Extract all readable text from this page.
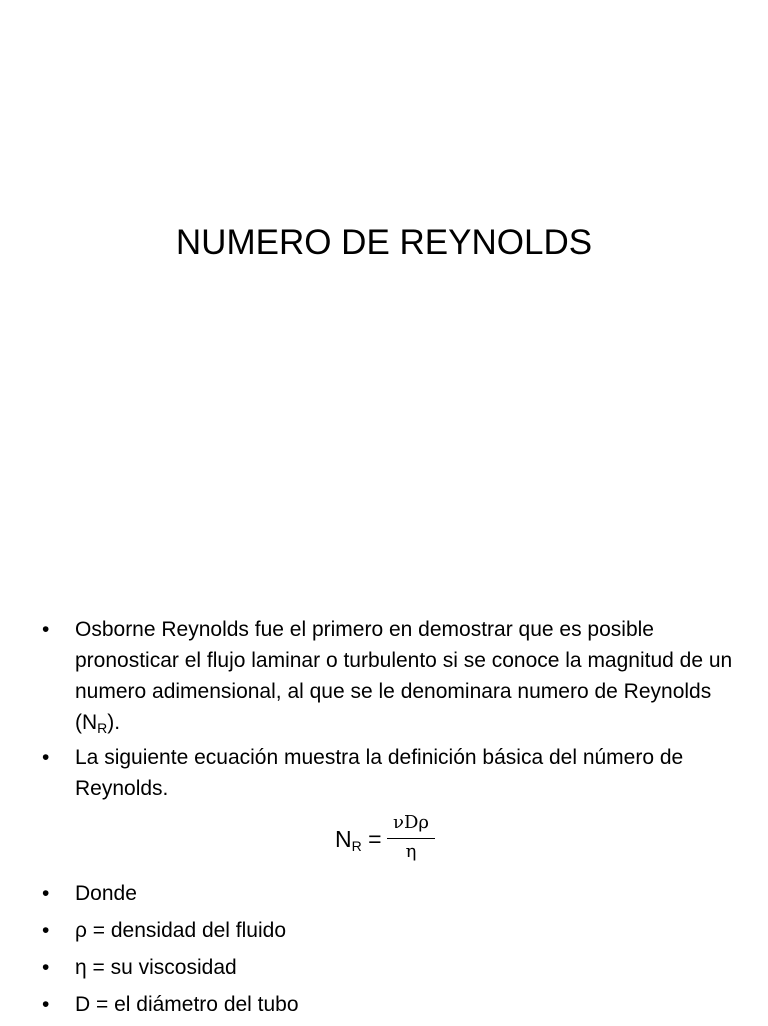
NUMERO DE REYNOLDS
• Osborne Reynolds fue el primero en demostrar que es posible pronosticar el flujo laminar o turbulento si se conoce la magnitud de un numero adimensional, al que se le denominara numero de Reynolds $(N_R)$.
• La siguiente ecuación muestra la definición básica del número de Reynolds.
$N_R$ =
νDρ
η
• Donde
• ρ = densidad del fluido
• η = su viscosidad
• D = el diámetro del tubo
